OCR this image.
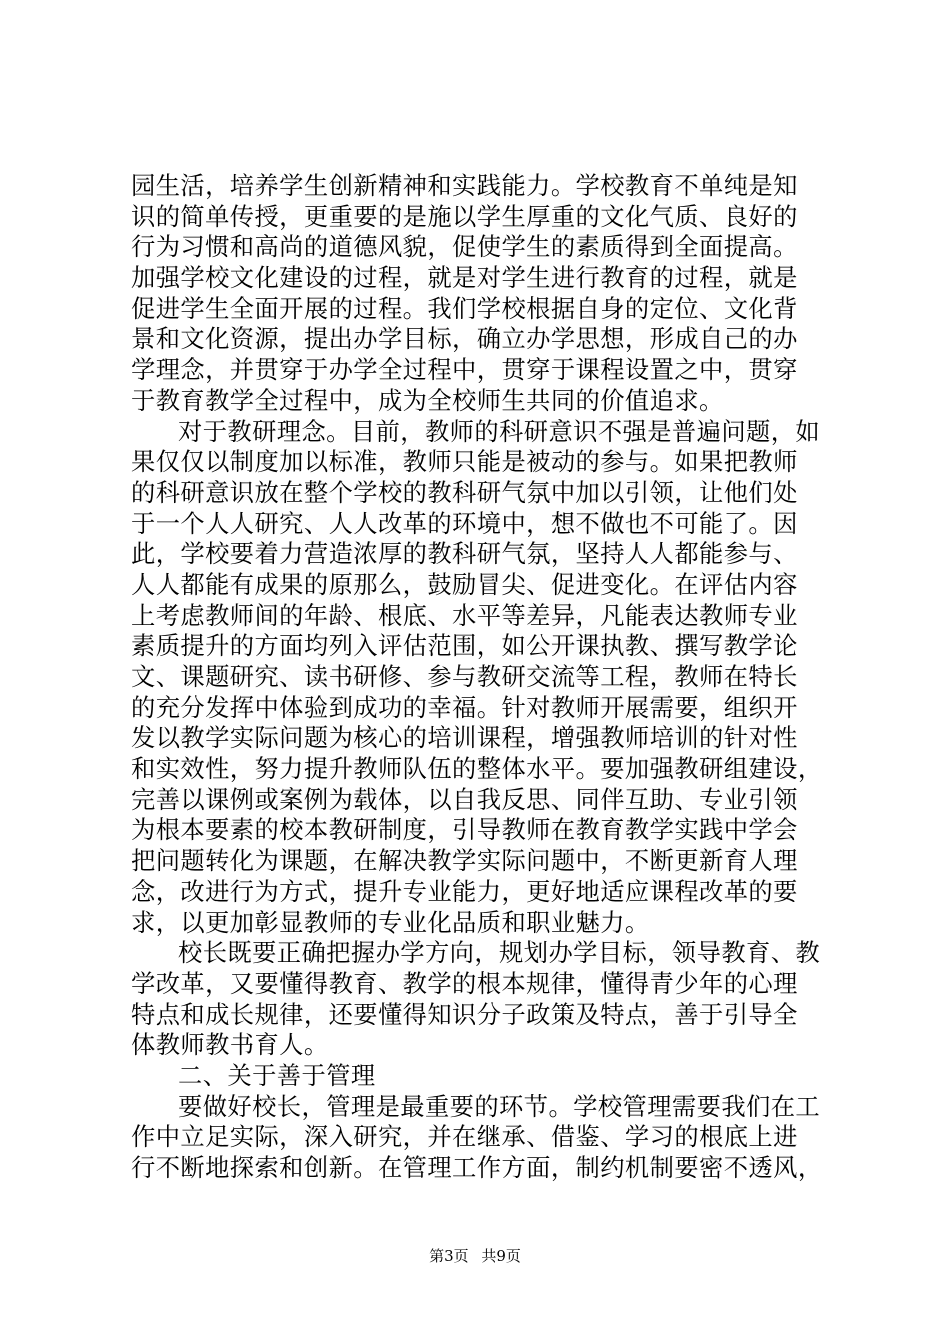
园生活，培养学生创新精神和实践能力。学校教育不单纯是知
识的简单传授，更重要的是施以学生厚重的文化气质、良好的
行为习惯和高尚的道德风貌，促使学生的素质得到全面提高。
加强学校文化建设的过程，就是对学生进行教育的过程，就是
促进学生全面开展的过程。我们学校根据自身的定位、文化背
景和文化资源，提出办学目标，确立办学思想，形成自己的办
学理念，并贯穿于办学全过程中，贯穿于课程设置之中，贯穿
于教育教学全过程中，成为全校师生共同的价值追求。
对于教研理念。目前，教师的科研意识不强是普遍问题，如
果仅仅以制度加以标准，教师只能是被动的参与。如果把教师
的科研意识放在整个学校的教科研气氛中加以引领，让他们处
于一个人人研究、人人改革的环境中，想不做也不可能了。因
此，学校要着力营造浓厚的教科研气氛，坚持人人都能参与、
人人都能有成果的原那么，鼓励冒尖、促进变化。在评估内容
上考虑教师间的年龄、根底、水平等差异，凡能表达教师专业
素质提升的方面均列入评估范围，如公开课执教、撰写教学论
文、课题研究、读书研修、参与教研交流等工程，教师在特长
的充分发挥中体验到成功的幸福。针对教师开展需要，组织开
发以教学实际问题为核心的培训课程，增强教师培训的针对性
和实效性，努力提升教师队伍的整体水平。要加强教研组建设，
完善以课例或案例为载体，以自我反思、同伴互助、专业引领
为根本要素的校本教研制度，引导教师在教育教学实践中学会
把问题转化为课题，在解决教学实际问题中，不断更新育人理
念，改进行为方式，提升专业能力，更好地适应课程改革的要
求，以更加彰显教师的专业化品质和职业魅力。
校长既要正确把握办学方向，规划办学目标，领导教育、教
学改革，又要懂得教育、教学的根本规律，懂得青少年的心理
特点和成长规律，还要懂得知识分子政策及特点，善于引导全
体教师教书育人。
二、关于善于管理
要做好校长，管理是最重要的环节。学校管理需要我们在工
作中立足实际，深入研究，并在继承、借鉴、学习的根底上进
行不断地探索和创新。在管理工作方面，制约机制要密不透风，
第3页 共9页
